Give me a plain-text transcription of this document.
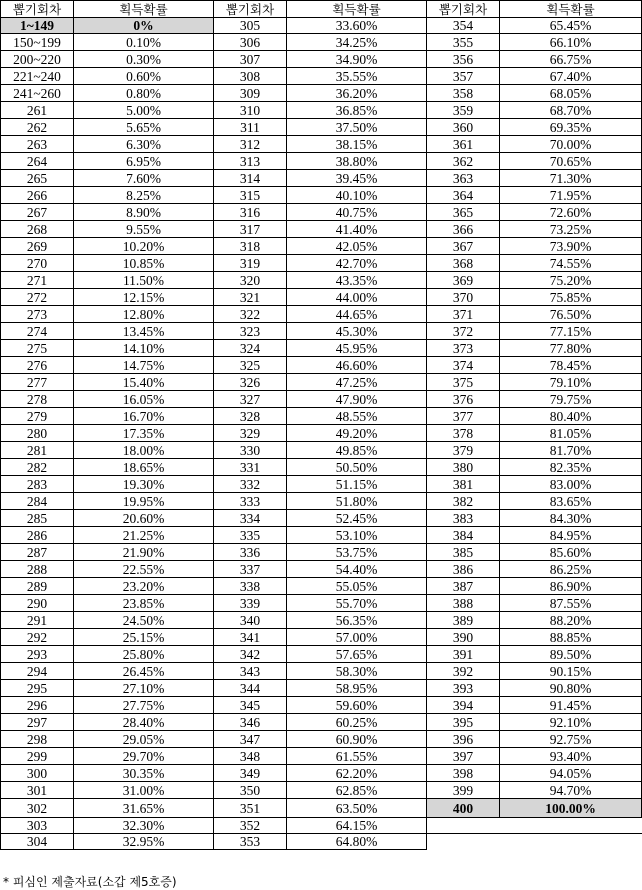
뽑기회차	획득확률	뽑기회차	획득확률	뽑기회차	획득확률
1~149	0%	305	33.60%	354	65.45%
150~199	0.10%	306	34.25%	355	66.10%
200~220	0.30%	307	34.90%	356	66.75%
221~240	0.60%	308	35.55%	357	67.40%
241~260	0.80%	309	36.20%	358	68.05%
261	5.00%	310	36.85%	359	68.70%
262	5.65%	311	37.50%	360	69.35%
263	6.30%	312	38.15%	361	70.00%
264	6.95%	313	38.80%	362	70.65%
265	7.60%	314	39.45%	363	71.30%
266	8.25%	315	40.10%	364	71.95%
267	8.90%	316	40.75%	365	72.60%
268	9.55%	317	41.40%	366	73.25%
269	10.20%	318	42.05%	367	73.90%
270	10.85%	319	42.70%	368	74.55%
271	11.50%	320	43.35%	369	75.20%
272	12.15%	321	44.00%	370	75.85%
273	12.80%	322	44.65%	371	76.50%
274	13.45%	323	45.30%	372	77.15%
275	14.10%	324	45.95%	373	77.80%
276	14.75%	325	46.60%	374	78.45%
277	15.40%	326	47.25%	375	79.10%
278	16.05%	327	47.90%	376	79.75%
279	16.70%	328	48.55%	377	80.40%
280	17.35%	329	49.20%	378	81.05%
281	18.00%	330	49.85%	379	81.70%
282	18.65%	331	50.50%	380	82.35%
283	19.30%	332	51.15%	381	83.00%
284	19.95%	333	51.80%	382	83.65%
285	20.60%	334	52.45%	383	84.30%
286	21.25%	335	53.10%	384	84.95%
287	21.90%	336	53.75%	385	85.60%
288	22.55%	337	54.40%	386	86.25%
289	23.20%	338	55.05%	387	86.90%
290	23.85%	339	55.70%	388	87.55%
291	24.50%	340	56.35%	389	88.20%
292	25.15%	341	57.00%	390	88.85%
293	25.80%	342	57.65%	391	89.50%
294	26.45%	343	58.30%	392	90.15%
295	27.10%	344	58.95%	393	90.80%
296	27.75%	345	59.60%	394	91.45%
297	28.40%	346	60.25%	395	92.10%
298	29.05%	347	60.90%	396	92.75%
299	29.70%	348	61.55%	397	93.40%
300	30.35%	349	62.20%	398	94.05%
301	31.00%	350	62.85%	399	94.70%
302	31.65%	351	63.50%	400	100.00%
303	32.30%	352	64.15%		
304	32.95%	353	64.80%		
* 피심인 제출자료(소갑 제5호증)
